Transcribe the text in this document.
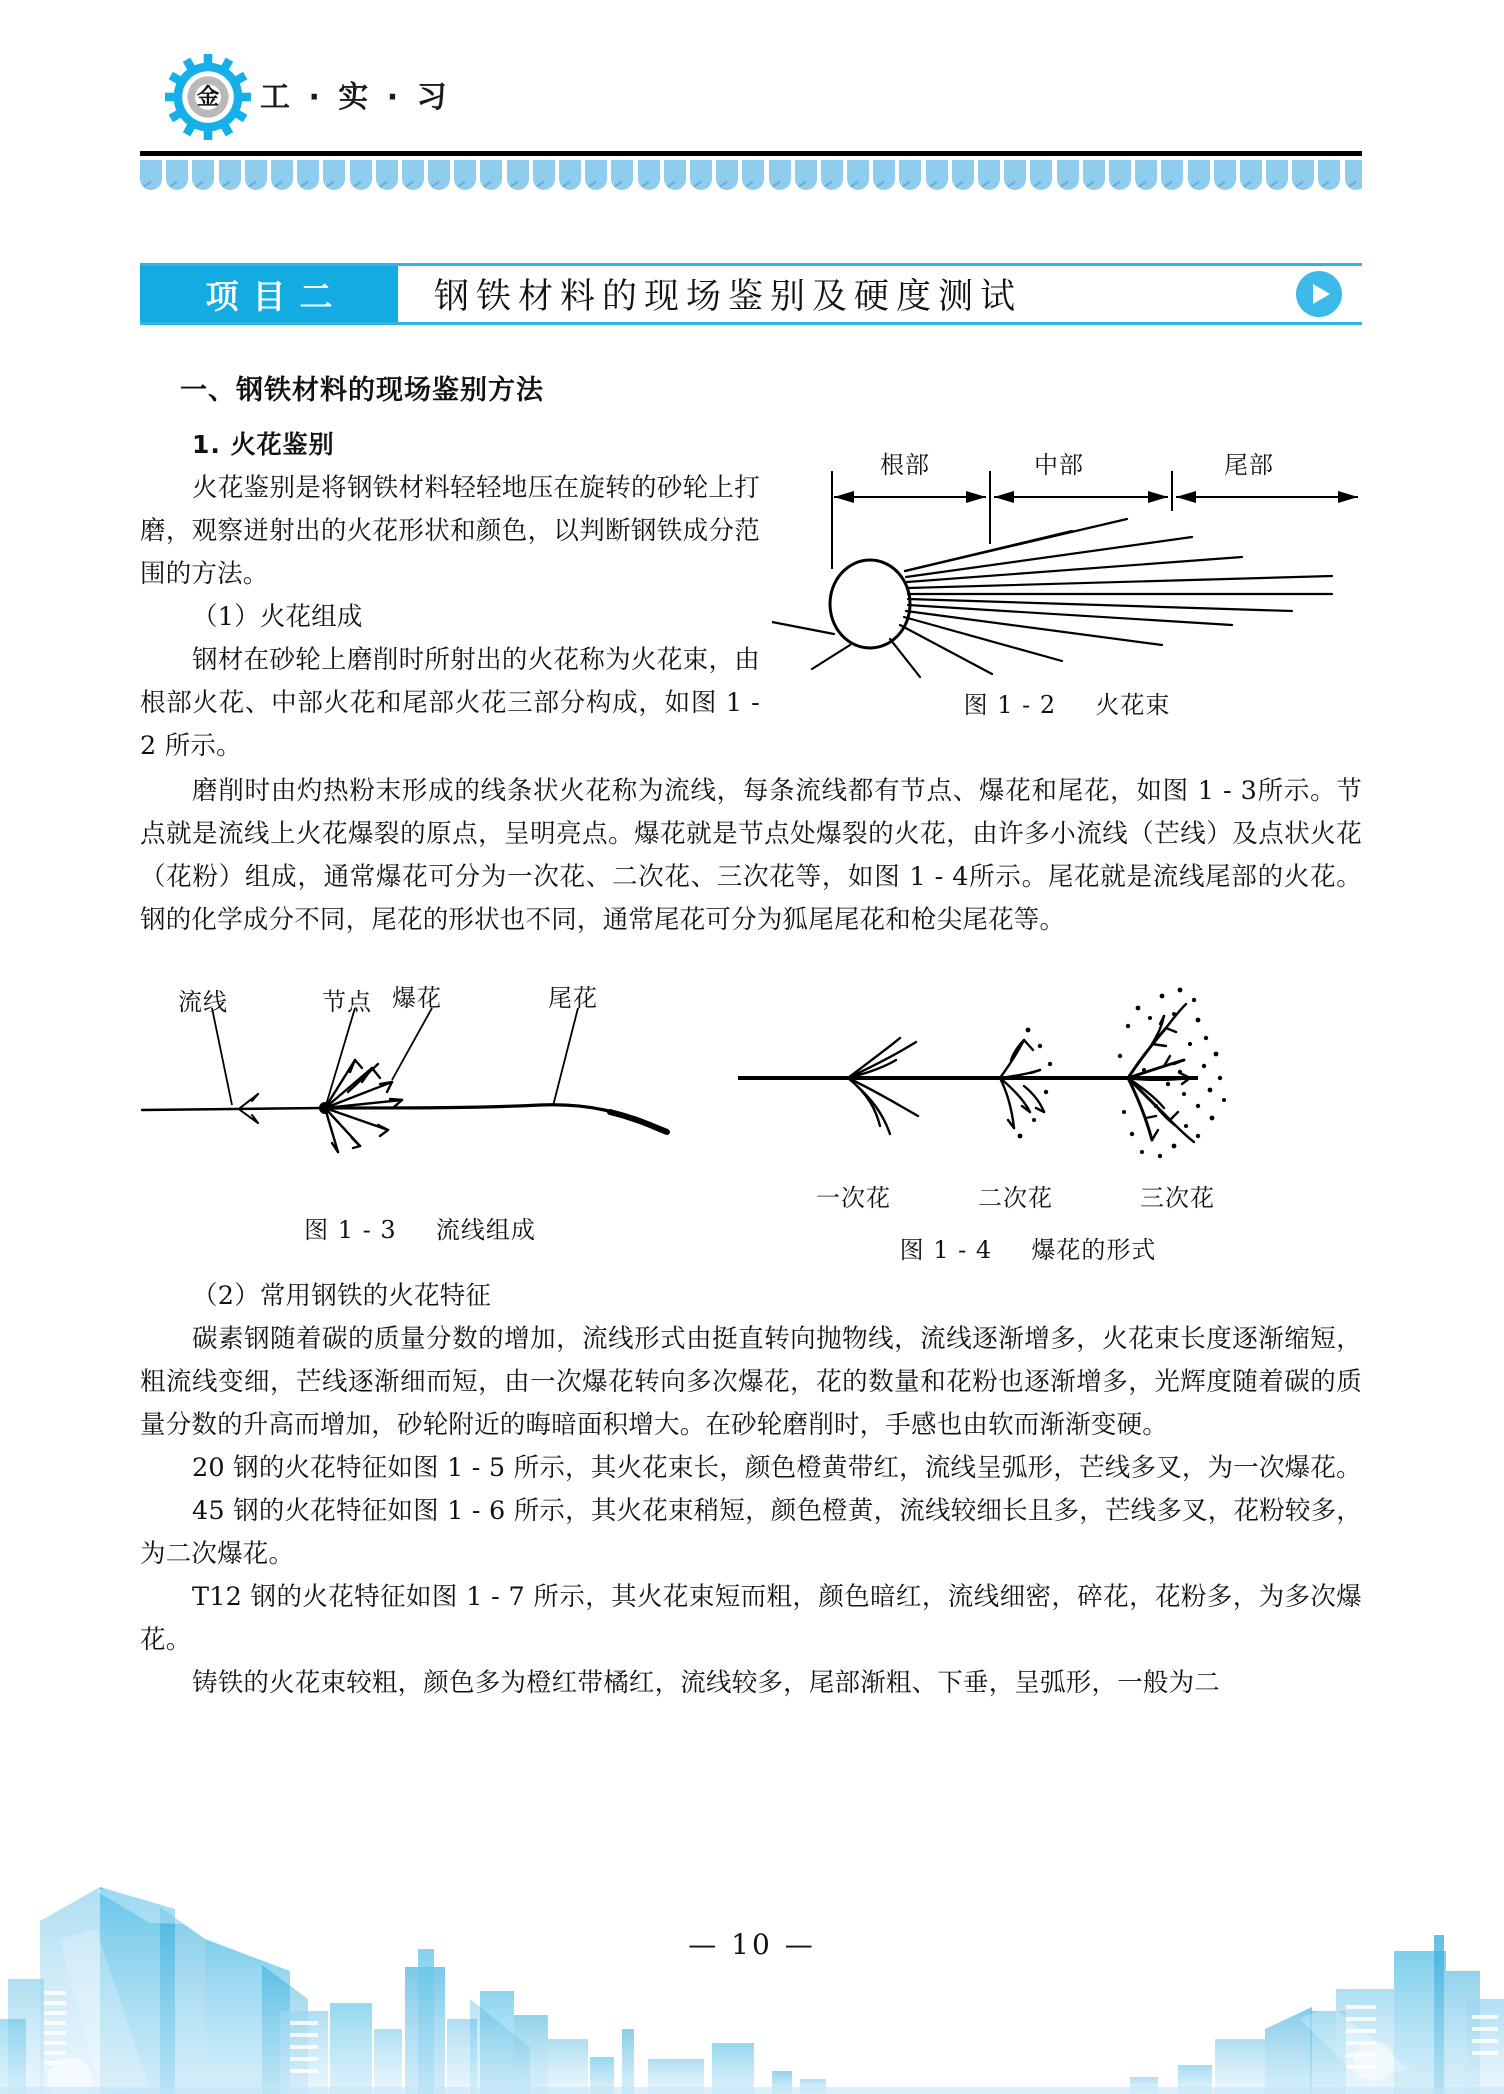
金 工 · 实 · 习
项目二	钢铁材料的现场鉴别及硬度测试
一、钢铁材料的现场鉴别方法
1. 火花鉴别
根部	中部	尾部
图 1 - 2 火花束

火花鉴别是将钢铁材料轻轻地压在旋转的砂轮上打磨，观察迸射出的火花形状和颜色，以判断钢铁成分范围的方法。

（1）火花组成

钢材在砂轮上磨削时所射出的火花称为火花束，由根部火花、中部火花和尾部火花三部分构成，如图 1 - 2 所示。

磨削时由灼热粉末形成的线条状火花称为流线，每条流线都有节点、爆花和尾花，如图 1 - 3所示。节点就是流线上火花爆裂的原点，呈明亮点。爆花就是节点处爆裂的火花，由许多小流线（芒线）及点状火花（花粉）组成，通常爆花可分为一次花、二次花、三次花等，如图 1 - 4所示。尾花就是流线尾部的火花。钢的化学成分不同，尾花的形状也不同，通常尾花可分为狐尾尾花和枪尖尾花等。

流线	节点 爆花	尾花
图 1 - 3 流线组成
一次花	二次花	三次花
图 1 - 4 爆花的形式

（2）常用钢铁的火花特征

碳素钢随着碳的质量分数的增加，流线形式由挺直转向抛物线，流线逐渐增多，火花束长度逐渐缩短，粗流线变细，芒线逐渐细而短，由一次爆花转向多次爆花，花的数量和花粉也逐渐增多，光辉度随着碳的质量分数的升高而增加，砂轮附近的晦暗面积增大。在砂轮磨削时，手感也由软而渐渐变硬。

20 钢的火花特征如图 1 - 5 所示，其火花束长，颜色橙黄带红，流线呈弧形，芒线多叉，为一次爆花。

45 钢的火花特征如图 1 - 6 所示，其火花束稍短，颜色橙黄，流线较细长且多，芒线多叉，花粉较多，为二次爆花。

T12 钢的火花特征如图 1 - 7 所示，其火花束短而粗，颜色暗红，流线细密，碎花，花粉多，为多次爆花。

铸铁的火花束较粗，颜色多为橙红带橘红，流线较多，尾部渐粗、下垂，呈弧形，一般为二

— 10 —
